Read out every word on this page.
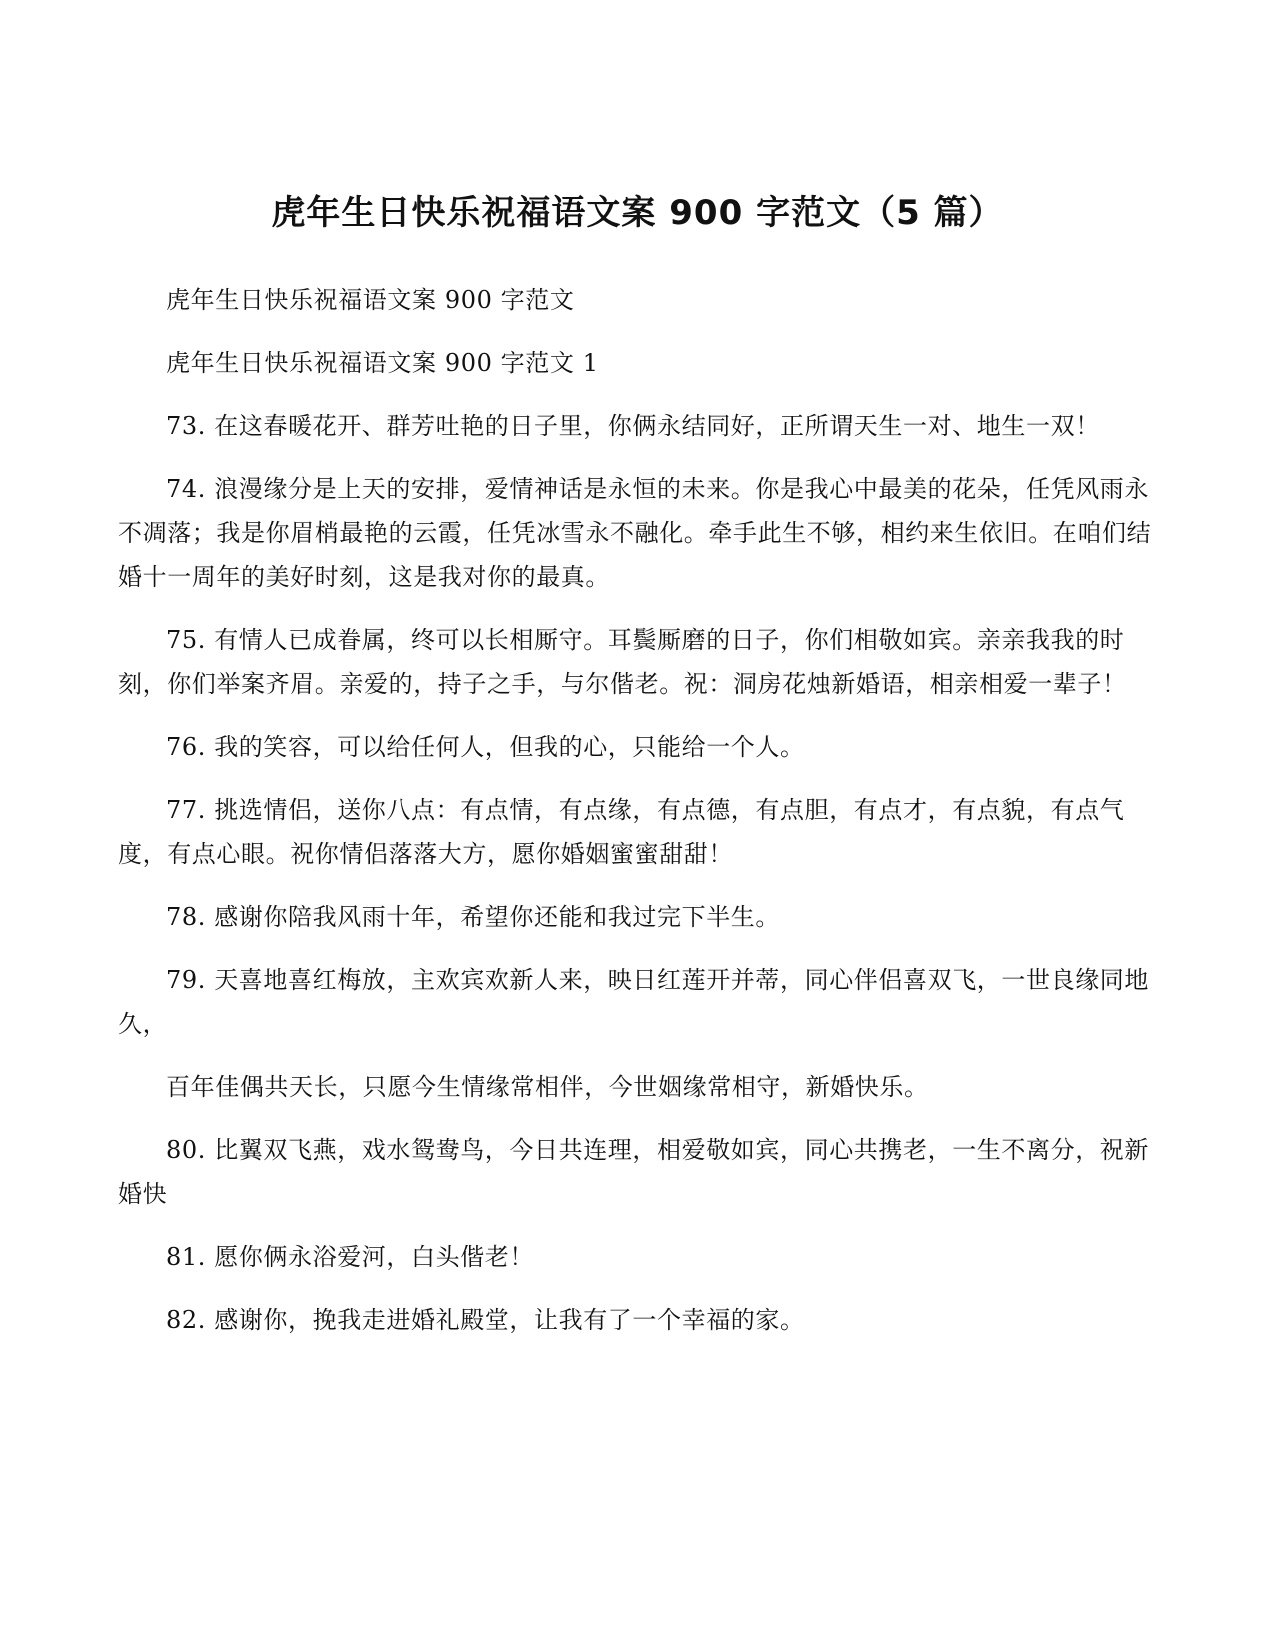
虎年生日快乐祝福语文案 900 字范文（5 篇）

虎年生日快乐祝福语文案 900 字范文

虎年生日快乐祝福语文案 900 字范文 1

73. 在这春暖花开、群芳吐艳的日子里，你俩永结同好，正所谓天生一对、地生一双！

74. 浪漫缘分是上天的安排，爱情神话是永恒的未来。你是我心中最美的花朵，任凭风雨永不凋落；我是你眉梢最艳的云霞，任凭冰雪永不融化。牵手此生不够，相约来生依旧。在咱们结婚十一周年的美好时刻，这是我对你的最真。

75. 有情人已成眷属，终可以长相厮守。耳鬓厮磨的日子，你们相敬如宾。亲亲我我的时刻，你们举案齐眉。亲爱的，持子之手，与尔偕老。祝：洞房花烛新婚语，相亲相爱一辈子！

76. 我的笑容，可以给任何人，但我的心，只能给一个人。

77. 挑选情侣，送你八点：有点情，有点缘，有点德，有点胆，有点才，有点貌，有点气度，有点心眼。祝你情侣落落大方，愿你婚姻蜜蜜甜甜！

78. 感谢你陪我风雨十年，希望你还能和我过完下半生。

79. 天喜地喜红梅放，主欢宾欢新人来，映日红莲开并蒂，同心伴侣喜双飞，一世良缘同地久，

百年佳偶共天长，只愿今生情缘常相伴，今世姻缘常相守，新婚快乐。

80. 比翼双飞燕，戏水鸳鸯鸟，今日共连理，相爱敬如宾，同心共携老，一生不离分，祝新婚快

81. 愿你俩永浴爱河，白头偕老！

82. 感谢你，挽我走进婚礼殿堂，让我有了一个幸福的家。
